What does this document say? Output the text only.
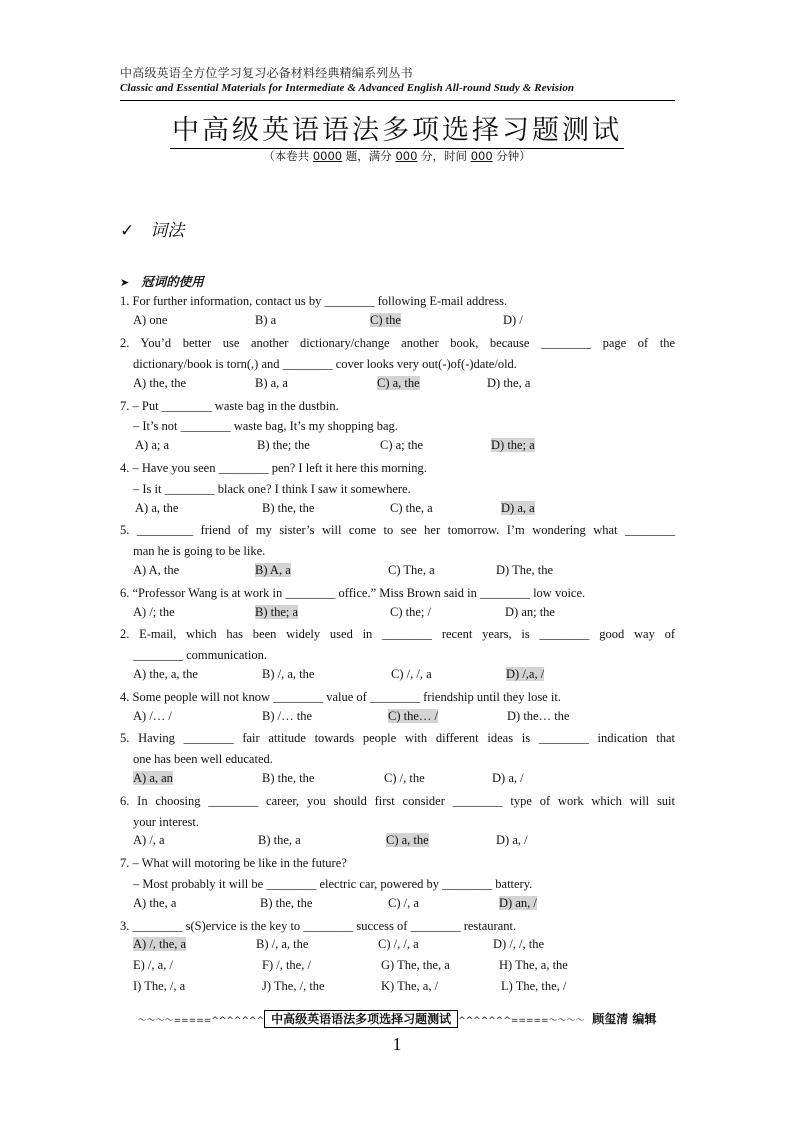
中高级英语全方位学习复习必备材料经典精编系列丛书
Classic and Essential Materials for Intermediate & Advanced English All-round Study & Revision
中高级英语语法多项选择习题测试
（本卷共 0000 题，满分 000 分，时间 000 分钟）
✓ 词法
➤ 冠词的使用
1. For further information, contact us by ________ following E-mail address.
A) one	B) a	C) the	D) /
2. You’d better use another dictionary/change another book, because ________ page of the
dictionary/book is torn(,) and ________ cover looks very out(-)of(-)date/old.
A) the, the	B) a, a	C) a, the	D) the, a
7. – Put ________ waste bag in the dustbin.
– It’s not ________ waste bag, It’s my shopping bag.
A) a; a	B) the; the	C) a; the	D) the; a
4. – Have you seen ________ pen? I left it here this morning.
– Is it ________ black one? I think I saw it somewhere.
A) a, the	B) the, the	C) the, a	D) a, a
5. _________ friend of my sister’s will come to see her tomorrow. I’m wondering what ________
man he is going to be like.
A) A, the	B) A, a	C) The, a	D) The, the
6. “Professor Wang is at work in ________ office.” Miss Brown said in ________ low voice.
A) /; the	B) the; a	C) the; /	D) an; the
2. E-mail, which has been widely used in ________ recent years, is ________ good way of
________ communication.
A) the, a, the	B) /, a, the	C) /, /, a	D) /,a, /
4. Some people will not know ________ value of ________ friendship until they lose it.
A) /… /	B) /… the	C) the… /	D) the… the
5. Having ________ fair attitude towards people with different ideas is ________ indication that
one has been well educated.
A) a, an	B) the, the	C) /, the	D) a, /
6. In choosing ________ career, you should first consider ________ type of work which will suit
your interest.
A) /, a	B) the, a	C) a, the	D) a, /
7. – What will motoring be like in the future?
– Most probably it will be ________ electric car, powered by ________ battery.
A) the, a	B) the, the	C) /, a	D) an, /
3. ________ s(S)ervice is the key to ________ success of ________ restaurant.
A) /, the, a	B) /, a, the	C) /, /, a	D) /, /, the
E) /, a, /	F) /, the, /	G) The, the, a	H) The, a, the
I) The, /, a	J) The, /, the	K) The, a, /	L) The, the, /
～～～～=====^^^^^^^ 中高级英语语法多项选择习题测试 ^^^^^^^=====～～～～ 顾玺清 编辑
1
